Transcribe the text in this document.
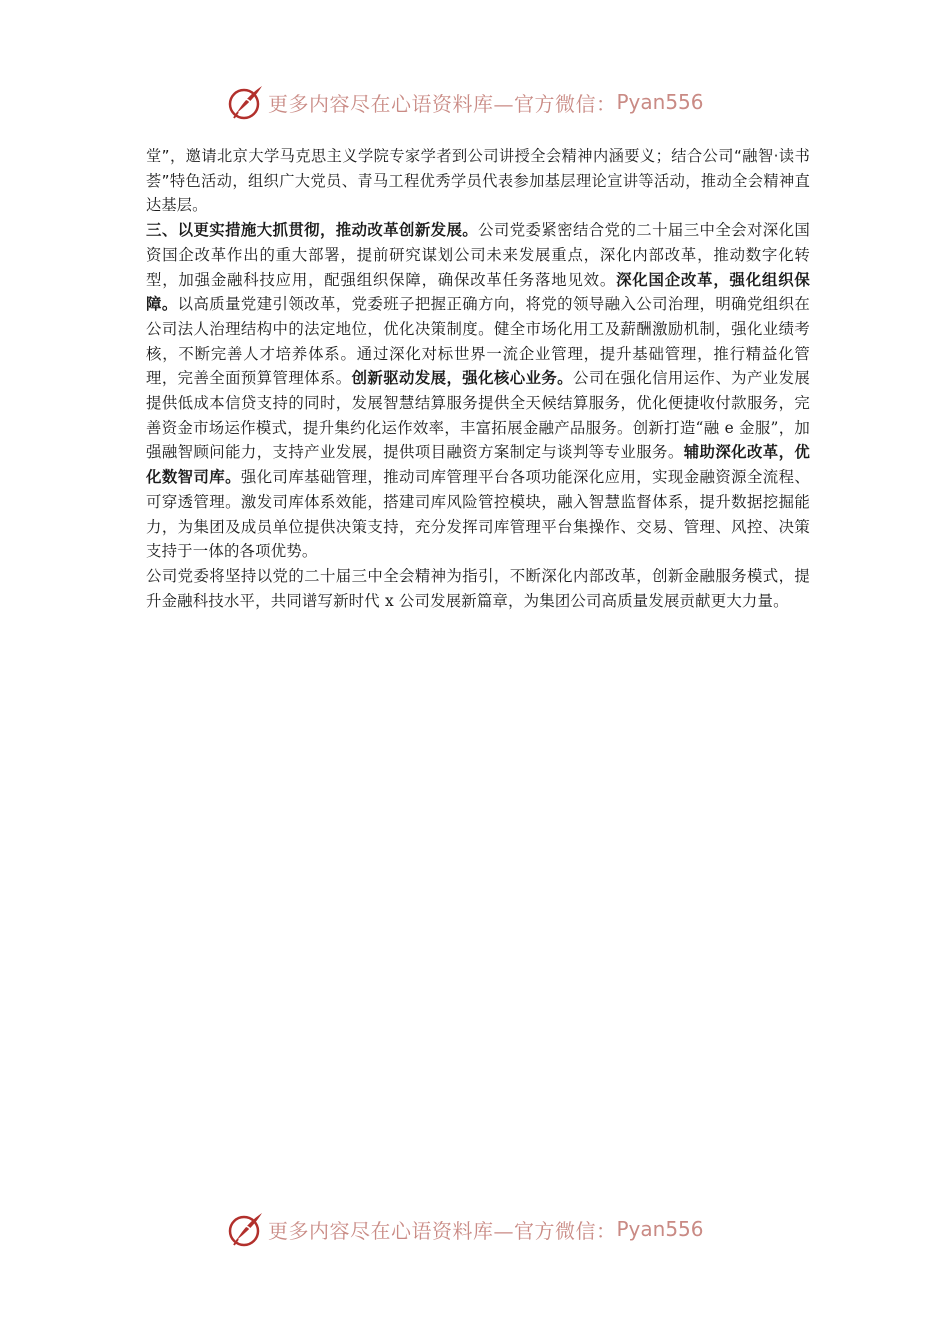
更多内容尽在心语资料库—官方微信： Pyan556

堂”，邀请北京大学马克思主义学院专家学者到公司讲授全会精神内涵要义；结合公司“融智·读书荟”特色活动，组织广大党员、青马工程优秀学员代表参加基层理论宣讲等活动，推动全会精神直达基层。

三、以更实措施大抓贯彻，推动改革创新发展。公司党委紧密结合党的二十届三中全会对深化国资国企改革作出的重大部署，提前研究谋划公司未来发展重点，深化内部改革，推动数字化转型，加强金融科技应用，配强组织保障，确保改革任务落地见效。深化国企改革，强化组织保障。以高质量党建引领改革，党委班子把握正确方向，将党的领导融入公司治理，明确党组织在公司法人治理结构中的法定地位，优化决策制度。健全市场化用工及薪酬激励机制，强化业绩考核，不断完善人才培养体系。通过深化对标世界一流企业管理，提升基础管理，推行精益化管理，完善全面预算管理体系。创新驱动发展，强化核心业务。公司在强化信用运作、为产业发展提供低成本信贷支持的同时，发展智慧结算服务提供全天候结算服务，优化便捷收付款服务，完善资金市场运作模式，提升集约化运作效率，丰富拓展金融产品服务。创新打造“融 e 金服”，加强融智顾问能力，支持产业发展，提供项目融资方案制定与谈判等专业服务。辅助深化改革，优化数智司库。强化司库基础管理，推动司库管理平台各项功能深化应用，实现金融资源全流程、可穿透管理。激发司库体系效能，搭建司库风险管控模块，融入智慧监督体系，提升数据挖掘能力，为集团及成员单位提供决策支持，充分发挥司库管理平台集操作、交易、管理、风控、决策支持于一体的各项优势。

公司党委将坚持以党的二十届三中全会精神为指引，不断深化内部改革，创新金融服务模式，提升金融科技水平，共同谱写新时代 x 公司发展新篇章，为集团公司高质量发展贡献更大力量。

更多内容尽在心语资料库—官方微信： Pyan556
